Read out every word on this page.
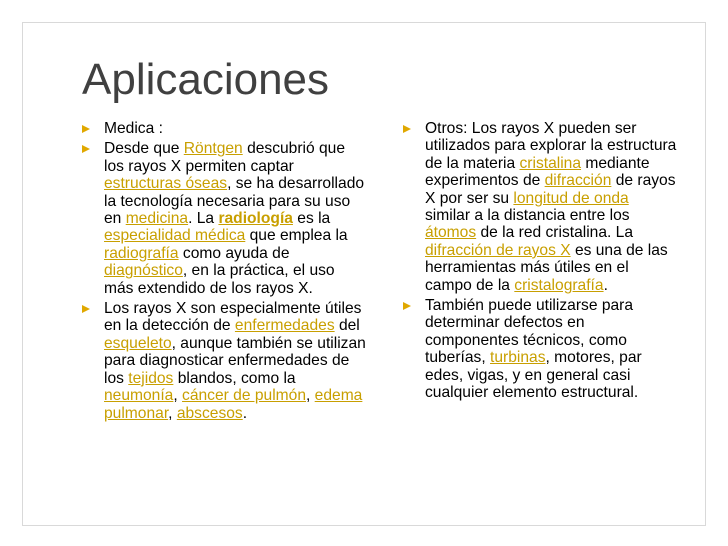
Aplicaciones
Medica :
Desde que Röntgen descubrió que los rayos X permiten captar estructuras óseas, se ha desarrollado la tecnología necesaria para su uso en medicina. La radiología es la especialidad médica que emplea la radiografía como ayuda de diagnóstico, en la práctica, el uso más extendido de los rayos X.
Los rayos X son especialmente útiles en la detección de enfermedades del esqueleto, aunque también se utilizan para diagnosticar enfermedades de los tejidos blandos, como la neumonía, cáncer de pulmón, edema pulmonar, abscesos.
Otros: Los rayos X pueden ser utilizados para explorar la estructura de la materia cristalina mediante experimentos de difracción de rayos X por ser su longitud de onda similar a la distancia entre los átomos de la red cristalina. La difracción de rayos X es una de las herramientas más útiles en el campo de la cristalografía.
También puede utilizarse para determinar defectos en componentes técnicos, como tuberías, turbinas, motores, par edes, vigas, y en general casi cualquier elemento estructural.
